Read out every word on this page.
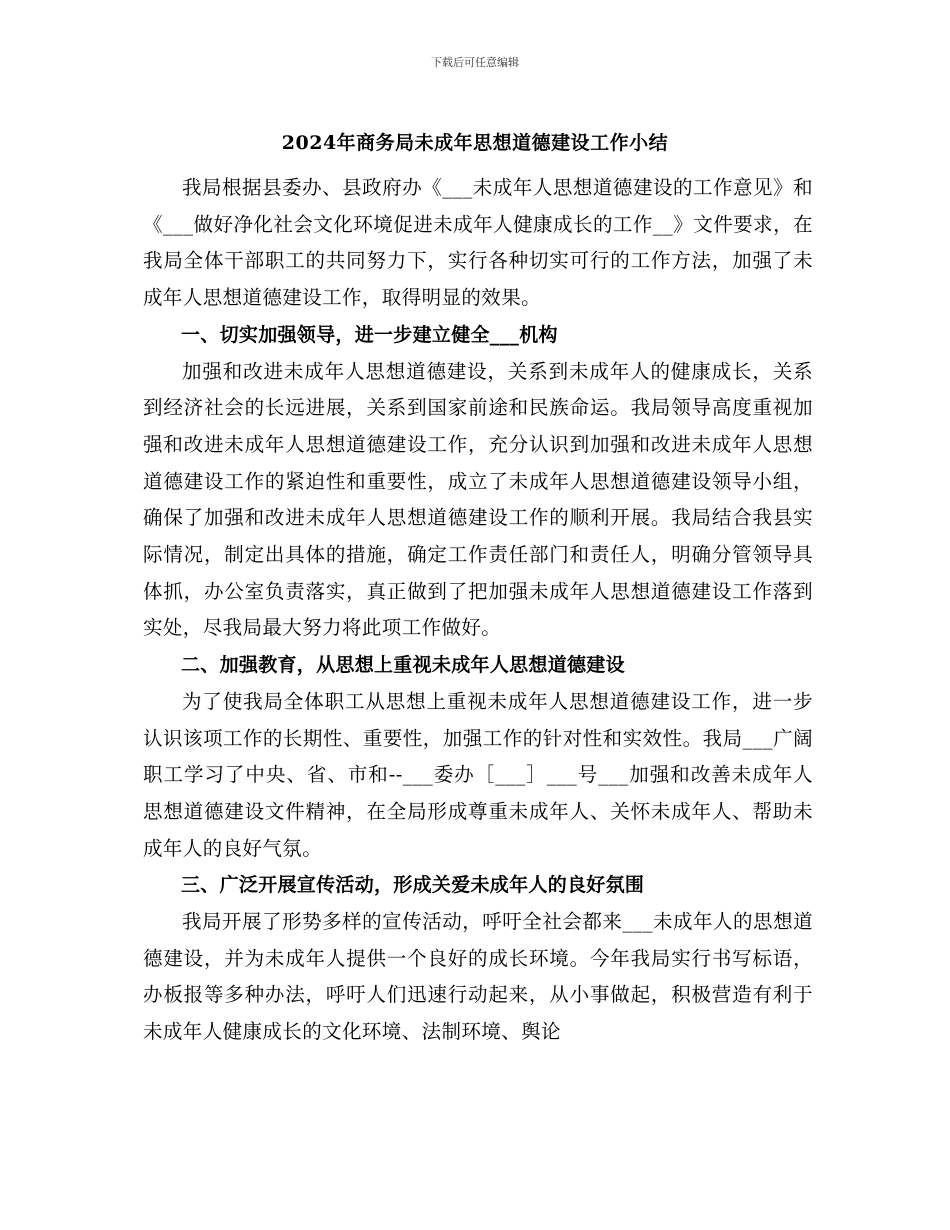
下载后可任意编辑
2024年商务局未成年思想道德建设工作小结

我局根据县委办、县政府办《___未成年人思想道德建设的工作意见》和《___做好净化社会文化环境促进未成年人健康成长的工作__》文件要求，在我局全体干部职工的共同努力下，实行各种切实可行的工作方法，加强了未成年人思想道德建设工作，取得明显的效果。

一、切实加强领导，进一步建立健全___机构

加强和改进未成年人思想道德建设，关系到未成年人的健康成长，关系到经济社会的长远进展，关系到国家前途和民族命运。我局领导高度重视加强和改进未成年人思想道德建设工作，充分认识到加强和改进未成年人思想道德建设工作的紧迫性和重要性，成立了未成年人思想道德建设领导小组，确保了加强和改进未成年人思想道德建设工作的顺利开展。我局结合我县实际情况，制定出具体的措施，确定工作责任部门和责任人，明确分管领导具体抓，办公室负责落实，真正做到了把加强未成年人思想道德建设工作落到实处，尽我局最大努力将此项工作做好。

二、加强教育，从思想上重视未成年人思想道德建设

为了使我局全体职工从思想上重视未成年人思想道德建设工作，进一步认识该项工作的长期性、重要性，加强工作的针对性和实效性。我局___广阔职工学习了中央、省、市和--___委办［___］___号___加强和改善未成年人思想道德建设文件精神，在全局形成尊重未成年人、关怀未成年人、帮助未成年人的良好气氛。

三、广泛开展宣传活动，形成关爱未成年人的良好氛围

我局开展了形势多样的宣传活动，呼吁全社会都来___未成年人的思想道德建设，并为未成年人提供一个良好的成长环境。今年我局实行书写标语，办板报等多种办法，呼吁人们迅速行动起来，从小事做起，积极营造有利于未成年人健康成长的文化环境、法制环境、舆论
